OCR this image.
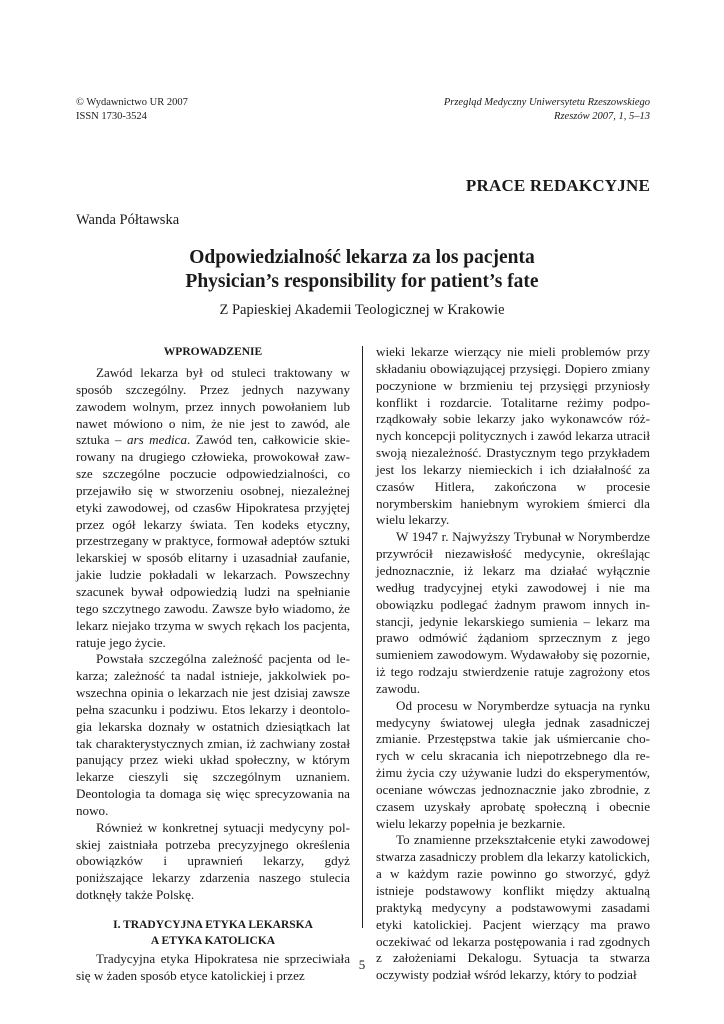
© Wydawnictwo UR 2007
ISSN 1730-3524
Przegląd Medyczny Uniwersytetu Rzeszowskiego
Rzeszów 2007, 1, 5–13
PRACE REDAKCYJNE
Wanda Półtawska
Odpowiedzialność lekarza za los pacjenta
Physician’s responsibility for patient’s fate
Z Papieskiej Akademii Teologicznej w Krakowie
WPROWADZENIE

Zawód lekarza był od stuleci traktowany w sposób szczególny. Przez jednych nazywany zawodem wolnym, przez innych powołaniem lub nawet mówiono o nim, że nie jest to zawód, ale sztuka – ars medica. Zawód ten, całkowicie skierowany na drugiego człowieka, prowokował zawsze szczególne poczucie odpowiedzialności, co przejawiło się w stworzeniu osobnej, niezależnej etyki zawodowej, od czas6w Hipokratesa przyjętej przez ogół lekarzy świata. Ten kodeks etyczny, przestrzegany w praktyce, formował adeptów sztuki lekarskiej w sposób elitarny i uzasadniał zaufanie, jakie ludzie pokładali w lekarzach. Powszechny szacunek bywał odpowiedzią ludzi na spełnianie tego szczytnego zawodu. Zawsze było wiadomo, że lekarz niejako trzyma w swych rękach los pacjenta, ratuje jego życie.

Powstała szczególna zależność pacjenta od lekarza; zależność ta nadal istnieje, jakkolwiek powszechna opinia o lekarzach nie jest dzisiaj zawsze pełna szacunku i podziwu. Etos lekarzy i deontologia lekarska doznały w ostatnich dziesiątkach lat tak charakterystycznych zmian, iż zachwiany został panujący przez wieki układ społeczny, w którym lekarze cieszyli się szczególnym uznaniem. Deontologia ta domaga się więc sprecyzowania na nowo.

Również w konkretnej sytuacji medycyny polskiej zaistniała potrzeba precyzyjnego określenia obowiązków i uprawnień lekarzy, gdyż poniższające lekarzy zdarzenia naszego stulecia dotknęły także Polskę.

I. TRADYCYJNA ETYKA LEKARSKA
A ETYKA KATOLICKA

Tradycyjna etyka Hipokratesa nie sprzeciwiała się w żaden sposób etyce katolickiej i przez

wieki lekarze wierzący nie mieli problemów przy składaniu obowiązującej przysięgi. Dopiero zmiany poczynione w brzmieniu tej przysięgi przyniosły konflikt i rozdarcie. Totalitarne reżimy podporządkowały sobie lekarzy jako wykonawców różnych koncepcji politycznych i zawód lekarza utracił swoją niezależność. Drastycznym tego przykładem jest los lekarzy niemieckich i ich działalność za czasów Hitlera, zakończona w procesie norymberskim haniebnym wyrokiem śmierci dla wielu lekarzy.

W 1947 r. Najwyższy Trybunał w Norymberdze przywrócił niezawisłość medycynie, określając jednoznacznie, iż lekarz ma działać wyłącznie według tradycyjnej etyki zawodowej i nie ma obowiązku podlegać żadnym prawom innych instancji, jedynie lekarskiego sumienia – lekarz ma prawo odmówić żądaniom sprzecznym z jego sumieniem zawodowym. Wydawałoby się pozornie, iż tego rodzaju stwierdzenie ratuje zagrożony etos zawodu.

Od procesu w Norymberdze sytuacja na rynku medycyny światowej uległa jednak zasadniczej zmianie. Przestępstwa takie jak uśmiercanie chorych w celu skracania ich niepotrzebnego dla reżimu życia czy używanie ludzi do eksperymentów, oceniane wówczas jednoznacznie jako zbrodnie, z czasem uzyskały aprobatę społeczną i obecnie wielu lekarzy popełnia je bezkarnie.

To znamienne przekształcenie etyki zawodowej stwarza zasadniczy problem dla lekarzy katolickich, a w każdym razie powinno go stworzyć, gdyż istnieje podstawowy konflikt między aktualną praktyką medycyny a podstawowymi zasadami etyki katolickiej. Pacjent wierzący ma prawo oczekiwać od lekarza postępowania i rad zgodnych z założeniami Dekalogu. Sytuacja ta stwarza oczywisty podział wśród lekarzy, który to podział

5
